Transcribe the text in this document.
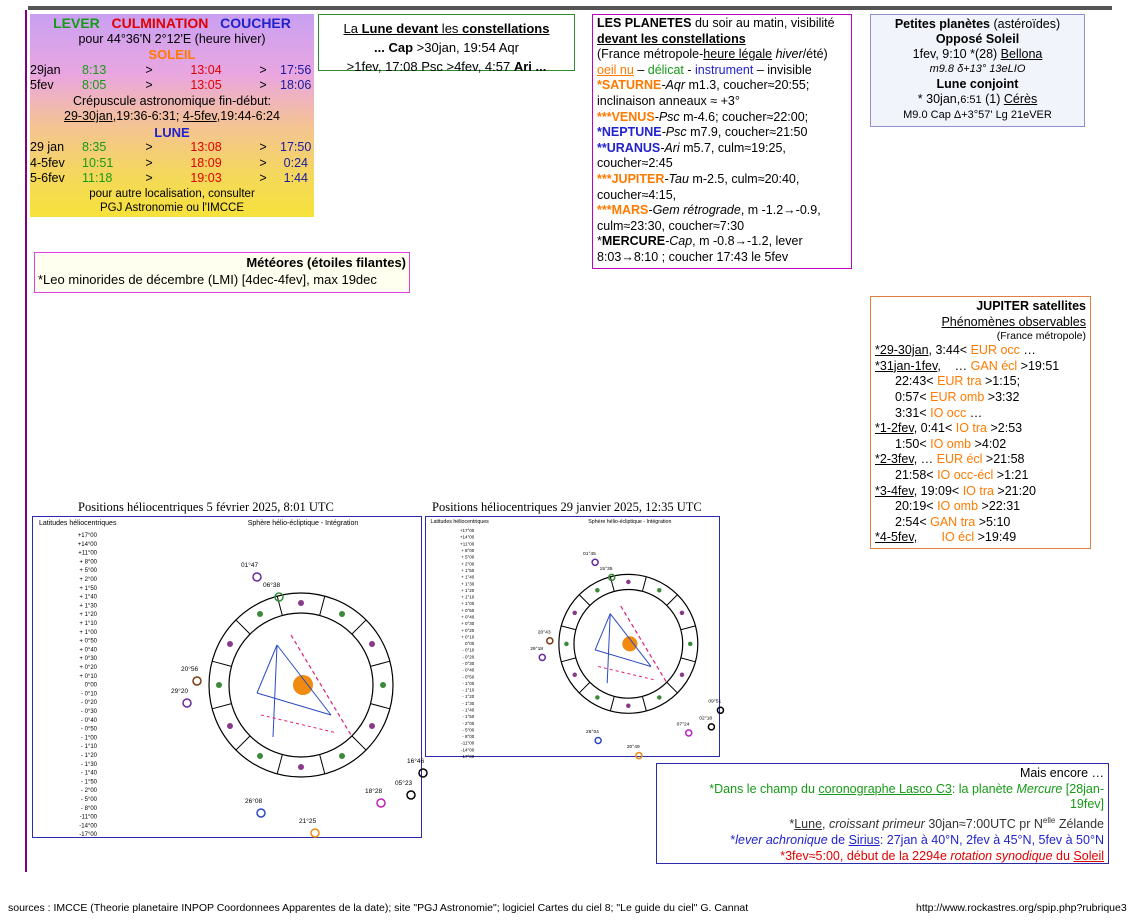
LEVER CULMINATION COUCHER
pour 44°36'N 2°12'E (heure hiver)
SOLEIL
29jan	8:13	>	13:04	>	17:56
5fev	8:05	>	13:05	>	18:06
Crépuscule astronomique fin-début:
29-30jan,19:36-6:31; 4-5fev,19:44-6:24
LUNE
29 jan	8:35	>	13:08	>	17:50
4-5fev	10:51	>	18:09	>	0:24
5-6fev	11:18	>	19:03	>	1:44
pour autre localisation, consulter
PGJ Astronomie ou l'IMCCE
La Lune devant les constellations
... Cap >30jan, 19:54 Aqr
>1fev, 17:08 Psc >4fev, 4:57 Ari ...
LES PLANETES du soir au matin, visibilité
devant les constellations
(France métropole-heure légale hiver/été)
oeil nu – délicat - instrument – invisible
*SATURNE-Aqr m1.3, coucher≈20:55;
inclinaison anneaux ≈ +3°
***VENUS-Psc m-4.6; coucher≈22:00;
*NEPTUNE-Psc m7.9, coucher≈21:50
**URANUS-Ari m5.7, culm≈19:25,
coucher≈2:45
***JUPITER-Tau m-2.5, culm≈20:40,
coucher≈4:15,
***MARS-Gem rétrograde, m -1.2→-0.9,
culm≈23:30, coucher≈7:30
*MERCURE-Cap, m -0.8→-1.2, lever
8:03→8:10 ; coucher 17:43 le 5fev
Petites planètes (astéroïdes)
Opposé Soleil
1fev, 9:10 *(28) Bellona
m9.8 δ+13° 13eLIO
Lune conjoint
* 30jan,6:51 (1) Cérès
M9.0 Cap Δ+3°57' Lg 21eVER
Météores (étoiles filantes)
*Leo minorides de décembre (LMI) [4dec-4fev], max 19dec
JUPITER satellites
Phénomènes observables
(France métropole)
*29-30jan, 3:44< EUR occ …
*31jan-1fev,    … GAN écl >19:51
22:43< EUR tra >1:15;
0:57< EUR omb >3:32
3:31< IO occ …
*1-2fev, 0:41< IO tra >2:53
1:50< IO omb >4:02
*2-3fev, … EUR écl >21:58
21:58< IO occ-écl >1:21
*3-4fev, 19:09< IO tra >21:20
20:19< IO omb >22:31
2:54< GAN tra >5:10
*4-5fev,       IO écl >19:49
Mais encore …
*Dans le champ du coronographe Lasco C3: la planète Mercure [28jan-
19fev]
*Lune, croissant primeur 30jan≈7:00UTC pr $N^{elle}$ Zélande
*lever achronique de Sirius: 27jan à 40°N, 2fev à 45°N, 5fev à 50°N
*3fev≈5:00, début de la 2294e rotation synodique du Soleil
Positions héliocentriques 5 février 2025, 8:01 UTC
Latitudes héliocentriques	Sphère hélio-écliptique - Intégration
+17°00
+14°00
+11°00
+ 8°00
+ 5°00
+ 2°00
+ 1°50
+ 1°40
+ 1°30
+ 1°20
+ 1°10
+ 1°00
+ 0°50
+ 0°40
+ 0°30
+ 0°20
+ 0°10
0°00
- 0°10
- 0°20
- 0°30
- 0°40
- 0°50
- 1°00
- 1°10
- 1°20
- 1°30
- 1°40
- 1°50
- 2°00
- 5°00
- 8°00
-11°00
-14°00
-17°00
01°47
06°38
20°56
29°20
26°08
21°25
18°28
05°23
16°46
Positions héliocentriques 29 janvier 2025, 12:35 UTC
Latitudes héliocentriques	Sphère hélio-écliptique - Intégration
+17°00
+14°00
+11°00
+ 8°00
+ 5°00
+ 2°00
+ 1°50
+ 1°40
+ 1°30
+ 1°20
+ 1°10
+ 1°00
+ 0°50
+ 0°40
+ 0°30
+ 0°20
+ 0°10
0°00
- 0°10
- 0°20
- 0°30
- 0°40
- 0°50
- 1°00
- 1°10
- 1°20
- 1°30
- 1°40
- 1°50
- 2°00
- 5°00
- 8°00
-11°00
-14°00
-17°00
01°45
15°35
20°43
29°18
26°04
20°49
07°24
02°18
09°51
sources : IMCCE (Theorie planetaire INPOP Coordonnees Apparentes de la date); site "PGJ Astronomie"; logiciel Cartes du ciel 8; "Le guide du ciel" G. Cannat	http://www.rockastres.org/spip.php?rubrique3
